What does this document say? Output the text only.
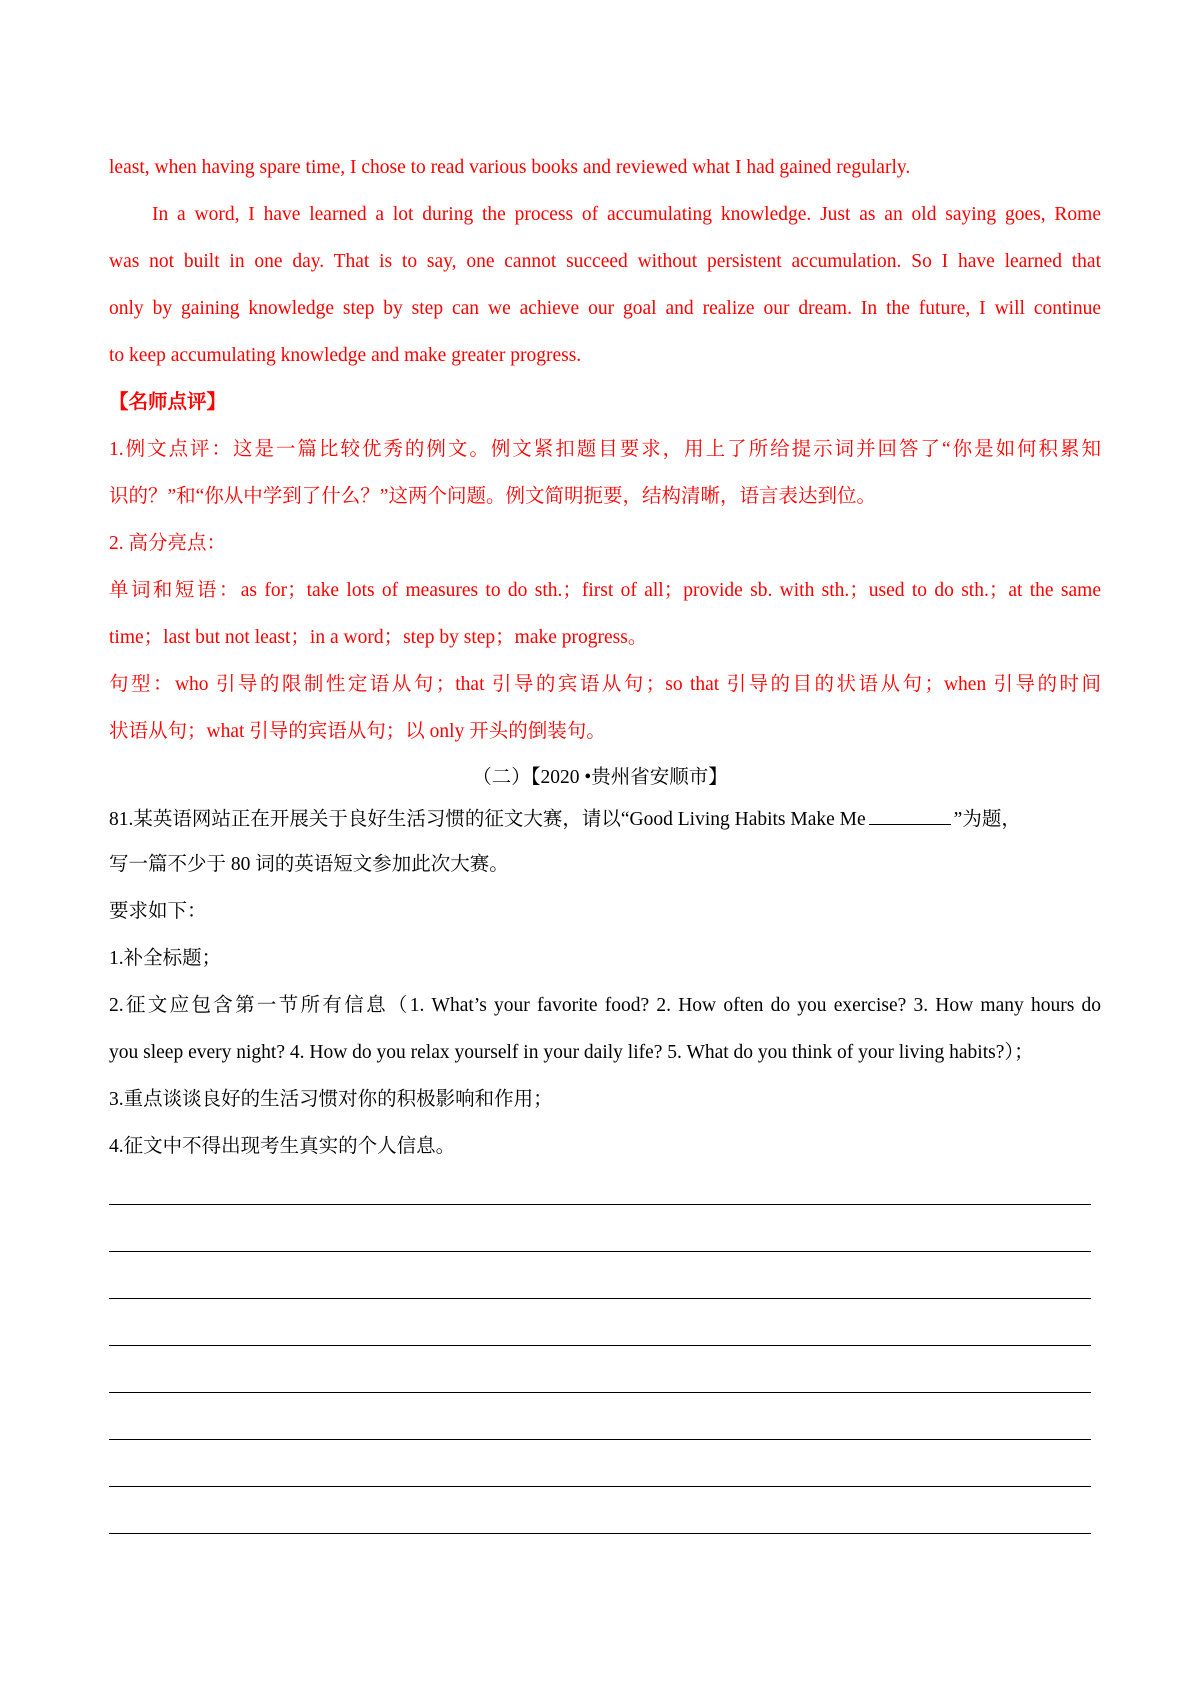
least, when having spare time, I chose to read various books and reviewed what I had gained regularly.
In a word, I have learned a lot during the process of accumulating knowledge. Just as an old saying goes, Rome
was not built in one day. That is to say, one cannot succeed without persistent accumulation. So I have learned that
only by gaining knowledge step by step can we achieve our goal and realize our dream. In the future, I will continue
to keep accumulating knowledge and make greater progress.
【名师点评】
1.例文点评：这是一篇比较优秀的例文。例文紧扣题目要求，用上了所给提示词并回答了“你是如何积累知
识的？”和“你从中学到了什么？”这两个问题。例文简明扼要，结构清晰，语言表达到位。
2. 高分亮点：
单词和短语：as for；take lots of measures to do sth.；first of all；provide sb. with sth.；used to do sth.；at the same
time；last but not least；in a word；step by step；make progress。
句型：who 引导的限制性定语从句；that 引导的宾语从句；so that 引导的目的状语从句；when 引导的时间
状语从句；what 引导的宾语从句；以 only 开头的倒装句。
（二）【2020 •贵州省安顺市】
81.某英语网站正在开展关于良好生活习惯的征文大赛，请以“Good Living Habits Make Me	”为题，
写一篇不少于 80 词的英语短文参加此次大赛。
要求如下：
1.补全标题；
2.征文应包含第一节所有信息（1. What’s your favorite food? 2. How often do you exercise? 3. How many hours do
you sleep every night? 4. How do you relax yourself in your daily life? 5. What do you think of your living habits?）；
3.重点谈谈良好的生活习惯对你的积极影响和作用；
4.征文中不得出现考生真实的个人信息。
